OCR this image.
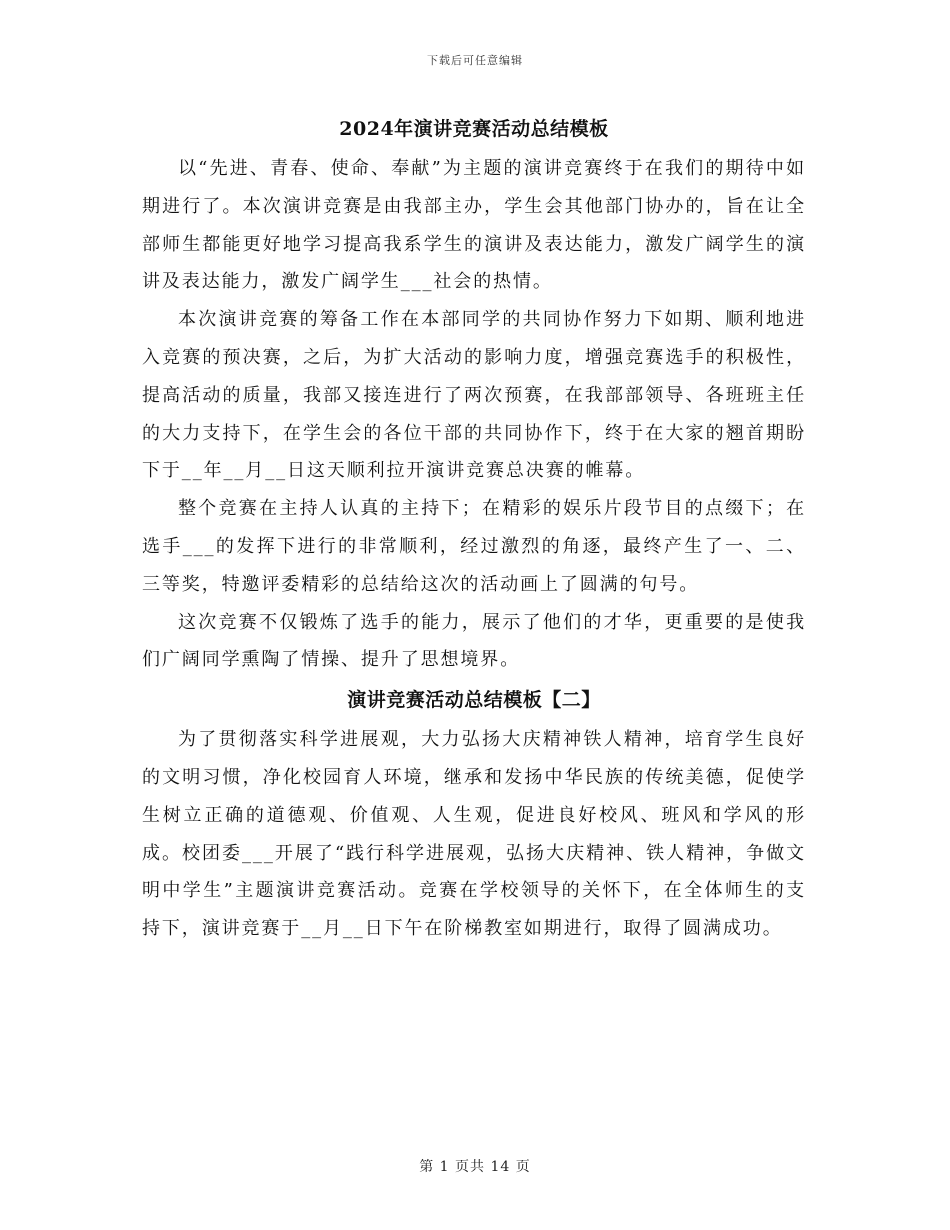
下载后可任意编辑
2024年演讲竞赛活动总结模板

以“先进、青春、使命、奉献”为主题的演讲竞赛终于在我们的期待中如期进行了。本次演讲竞赛是由我部主办，学生会其他部门协办的，旨在让全部师生都能更好地学习提高我系学生的演讲及表达能力，激发广阔学生的演讲及表达能力，激发广阔学生___社会的热情。

本次演讲竞赛的筹备工作在本部同学的共同协作努力下如期、顺利地进入竞赛的预决赛，之后，为扩大活动的影响力度，增强竞赛选手的积极性，提高活动的质量，我部又接连进行了两次预赛，在我部部领导、各班班主任的大力支持下，在学生会的各位干部的共同协作下，终于在大家的翘首期盼下于__年__月__日这天顺利拉开演讲竞赛总决赛的帷幕。

整个竞赛在主持人认真的主持下；在精彩的娱乐片段节目的点缀下；在选手___的发挥下进行的非常顺利，经过激烈的角逐，最终产生了一、二、三等奖，特邀评委精彩的总结给这次的活动画上了圆满的句号。

这次竞赛不仅锻炼了选手的能力，展示了他们的才华，更重要的是使我们广阔同学熏陶了情操、提升了思想境界。

演讲竞赛活动总结模板【二】

为了贯彻落实科学进展观，大力弘扬大庆精神铁人精神，培育学生良好的文明习惯，净化校园育人环境，继承和发扬中华民族的传统美德，促使学生树立正确的道德观、价值观、人生观，促进良好校风、班风和学风的形成。校团委___开展了“践行科学进展观，弘扬大庆精神、铁人精神，争做文明中学生”主题演讲竞赛活动。竞赛在学校领导的关怀下，在全体师生的支持下，演讲竞赛于__月__日下午在阶梯教室如期进行，取得了圆满成功。

第 1 页共 14 页
